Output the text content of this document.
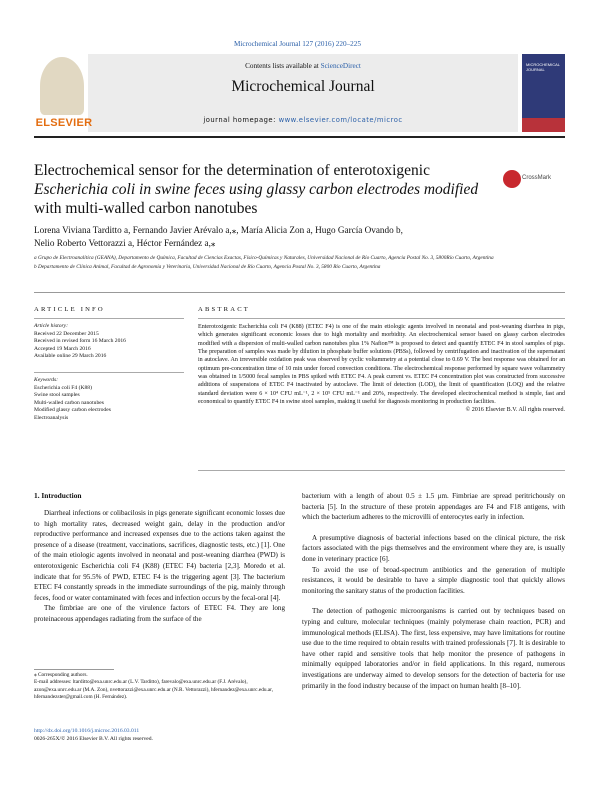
Microchemical Journal 127 (2016) 220–225
ELSEVIER
Contents lists available at ScienceDirect
Microchemical Journal
journal homepage: www.elsevier.com/locate/microc
MICROCHEMICAL JOURNAL
Electrochemical sensor for the determination of enterotoxigenic
Escherichia coli in swine feces using glassy carbon electrodes modified
with multi-walled carbon nanotubes
CrossMark
Lorena Viviana Tarditto a, Fernando Javier Arévalo a,⁎, María Alicia Zon a, Hugo García Ovando b,
Nelio Roberto Vettorazzi a, Héctor Fernández a,⁎
a Grupo de Electroanalítica (GEANA), Departamento de Química, Facultad de Ciencias Exactas, Físico-Químicas y Naturales, Universidad Nacional de Río Cuarto, Agencia Postal No. 3, 5800Río Cuarto, Argentina
b Departamento de Clínica Animal, Facultad de Agronomía y Veterinaria, Universidad Nacional de Río Cuarto, Agencia Postal No. 3, 5800 Río Cuarto, Argentina
ARTICLE INFO	ABSTRACT
Article history:
Received 22 December 2015
Received in revised form 16 March 2016
Accepted 19 March 2016
Available online 29 March 2016
Keywords:
Escherichia coli F4 (K88)
Swine stool samples
Multi-walled carbon nanotubes
Modified glassy carbon electrodes
Electroanalysis
Enterotoxigenic Escherichia coli F4 (K88) (ETEC F4) is one of the main etiologic agents involved in neonatal and post-weaning diarrhea in pigs, which generates significant economic losses due to high mortality and morbidity. An electrochemical sensor based on glassy carbon electrodes modified with a dispersion of multi-walled carbon nanotubes plus 1% Nafion™ is proposed to detect and quantify ETEC F4 in stool samples of pigs. The preparation of samples was made by dilution in phosphate buffer solutions (PBSs), followed by centrifugation and inactivation of the supernatant in autoclave. An irreversible oxidation peak was observed by cyclic voltammetry at a potential close to 0.69 V. The best response was obtained for an optimum pre-concentration time of 10 min under forced convection conditions. The electrochemical response performed by square wave voltammetry was obtained in 1/5000 fecal samples in PBS spiked with ETEC F4. A peak current vs. ETEC F4 concentration plot was constructed from successive additions of suspensions of ETEC F4 inactivated by autoclave. The limit of detection (LOD), the limit of quantification (LOQ) and the relative standard deviation were 6 × 10⁴ CFU mL⁻¹, 2 × 10⁵ CFU mL⁻¹ and 20%, respectively. The developed electrochemical method is simple, fast and economical to quantify ETEC F4 in swine stool samples, making it useful for diagnosis monitoring in production facilities.
© 2016 Elsevier B.V. All rights reserved.
1. Introduction

Diarrheal infections or colibacilosis in pigs generate significant economic losses due to high mortality rates, decreased weight gain, delay in the production and/or reproductive performance and increased expenses due to the actions taken against the presence of a disease (treatment, vaccinations, sacrifices, diagnostic tests, etc.) [1]. One of the main etiologic agents involved in neonatal and post-weaning diarrhea (PWD) is enterotoxigenic Escherichia coli F4 (K88) (ETEC F4) bacteria [2,3]. Moredo et al. indicate that for 95.5% of PWD, ETEC F4 is the triggering agent [3]. The bacterium ETEC F4 constantly spreads in the immediate surroundings of the pig, mainly through feces, food or water contaminated with feces and infection occurs by the fecal-oral [4].

The fimbriae are one of the virulence factors of ETEC F4. They are long proteinaceous appendages radiating from the surface of the

bacterium with a length of about 0.5 ± 1.5 μm. Fimbriae are spread peritrichously on bacteria [5]. In the structure of these protein appendages are F4 and F18 antigens, with which the bacterium adheres to the microvilli of enterocytes early in infection.

A presumptive diagnosis of bacterial infections based on the clinical picture, the risk factors associated with the pigs themselves and the environment where they are, is usually done in veterinary practice [6].

To avoid the use of broad-spectrum antibiotics and the generation of multiple resistances, it would be desirable to have a simple diagnostic tool that quickly allows monitoring the sanitary status of the production facilities.

The detection of pathogenic microorganisms is carried out by techniques based on typing and culture, molecular techniques (mainly polymerase chain reaction, PCR) and immunological methods (ELISA). The first, less expensive, may have limitations for routine use due to the time required to obtain results with trained professionals [7]. It is desirable to have other rapid and sensitive tools that help monitor the presence of pathogens in minimally equipped laboratories and/or in field applications. In this regard, numerous investigations are underway aimed to develop sensors for the detection of bacteria for use primarily in the food industry because of the impact on human health [8–10].

⁎ Corresponding authors.
E-mail addresses: ltarditto@exa.unrc.edu.ar (L.V. Tarditto), farevalo@exa.unrc.edu.ar (F.J. Arévalo), azon@exa.unrc.edu.ar (M.A. Zon), nvettorazzi@exa.unrc.edu.ar (N.R. Vettorazzi), hfernandez@exa.unrc.edu.ar, hfernandezster@gmail.com (H. Fernández).
http://dx.doi.org/10.1016/j.microc.2016.03.011
0026-265X/© 2016 Elsevier B.V. All rights reserved.
